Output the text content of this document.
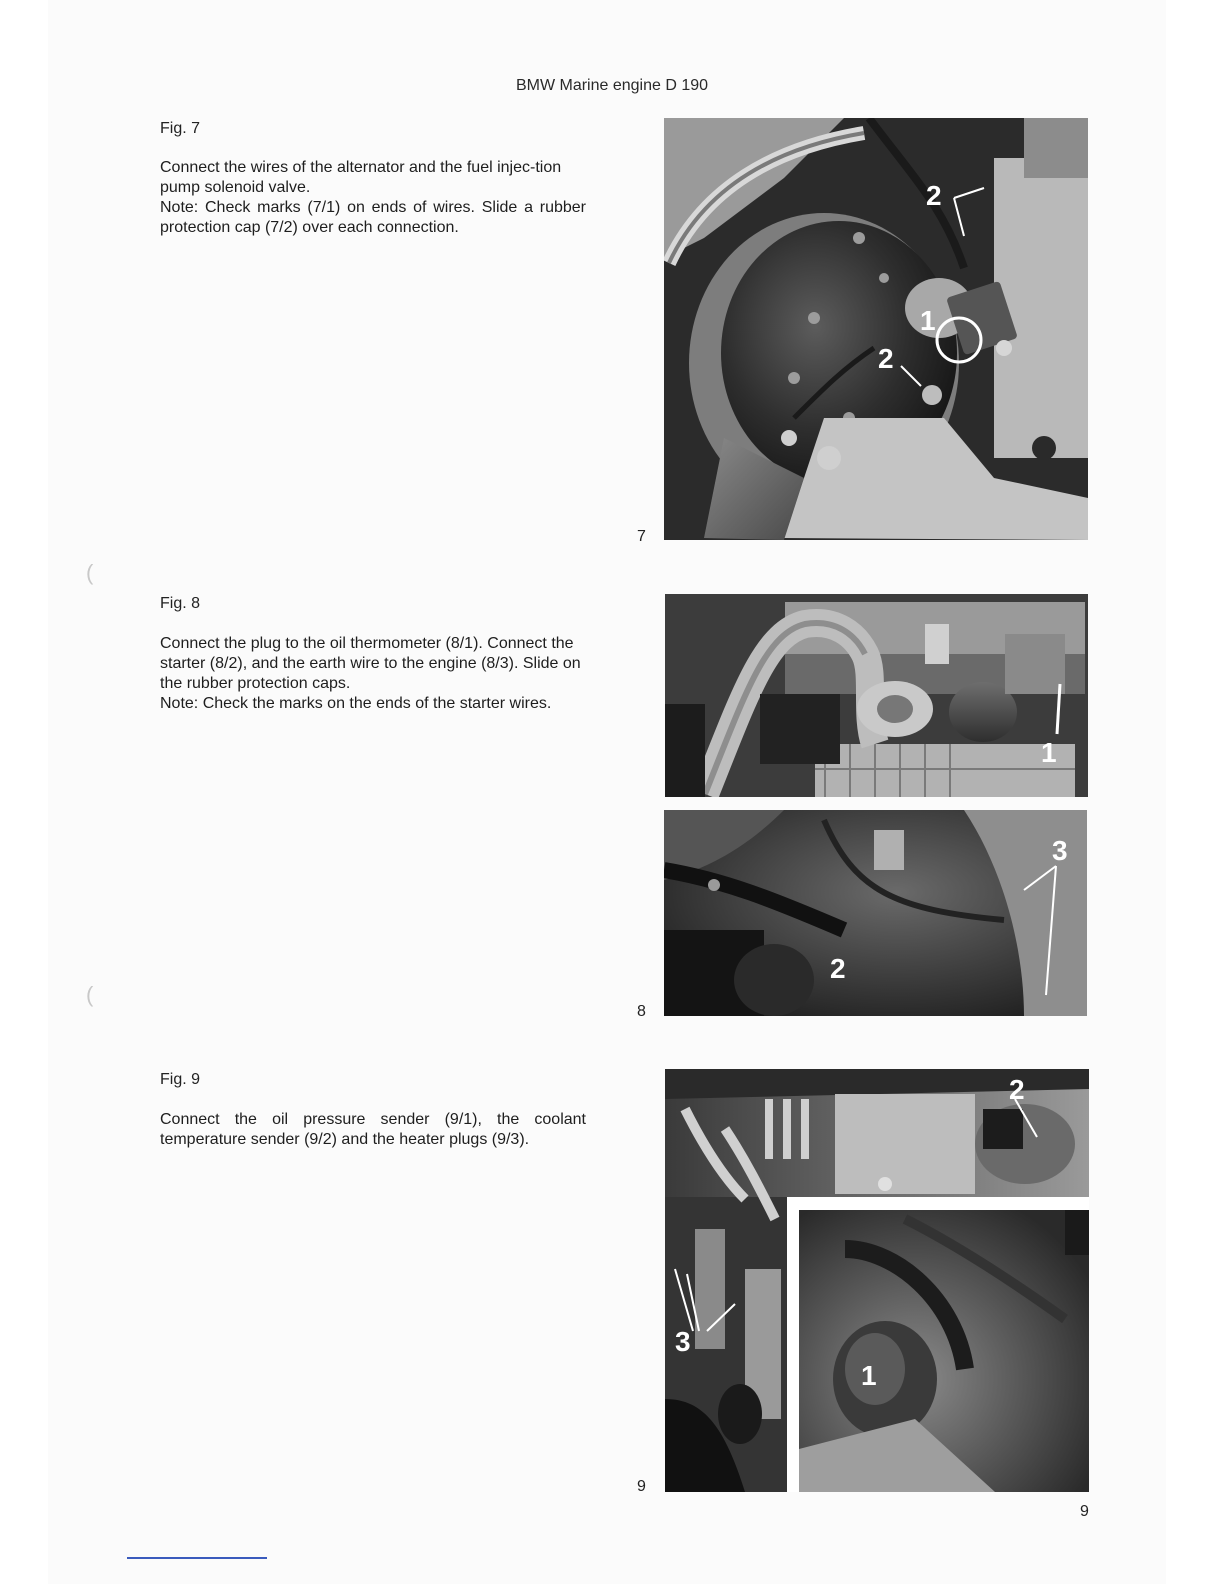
BMW Marine engine D 190
Fig. 7

Connect the wires of the alternator and the fuel injec-tion pump solenoid valve.

Note: Check marks (7/1) on ends of wires. Slide a rubber protection cap (7/2) over each connection.

7
2
1
2
(
Fig. 8

Connect the plug to the oil thermometer (8/1). Connect the starter (8/2), and the earth wire to the engine (8/3). Slide on the rubber protection caps.

Note: Check the marks on the ends of the starter wires.

8
1
3
2
(
Fig. 9

Connect the oil pressure sender (9/1), the coolant temperature sender (9/2) and the heater plugs (9/3).

9
2
3
1
9
